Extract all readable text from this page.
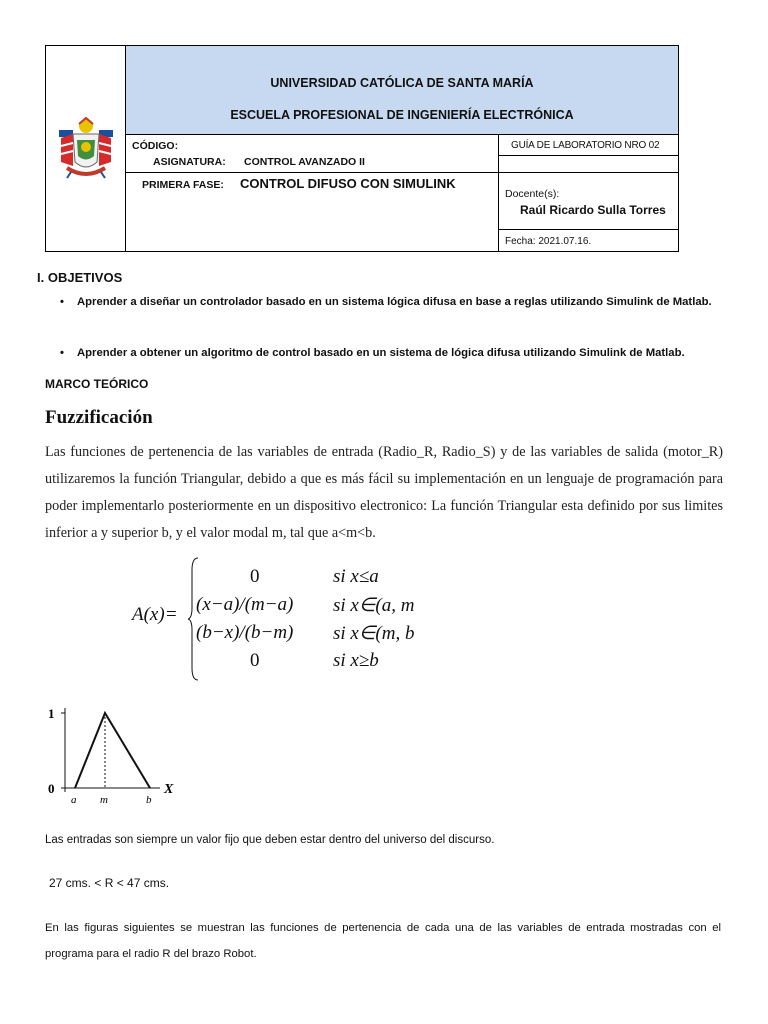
UNIVERSIDAD CATÓLICA DE SANTA MARÍA
ESCUELA PROFESIONAL DE INGENIERÍA ELECTRÓNICA
CÓDIGO:
ASIGNATURA: CONTROL AVANZADO II
PRIMERA FASE: CONTROL DIFUSO CON SIMULINK
GUÍA DE LABORATORIO NRO 02
Docente(s):
Raúl Ricardo Sulla Torres
Fecha: 2021.07.16.
I. OBJETIVOS
• Aprender a diseñar un controlador basado en un sistema lógica difusa en base a reglas utilizando Simulink de Matlab.
• Aprender a obtener un algoritmo de control basado en un sistema de lógica difusa utilizando Simulink de Matlab.
MARCO TEÓRICO
Fuzzificación
Las funciones de pertenencia de las variables de entrada (Radio_R, Radio_S) y de las variables de salida (motor_R) utilizaremos la función Triangular, debido a que es más fácil su implementación en un lenguaje de programación para poder implementarlo posteriormente en un dispositivo electronico: La función Triangular esta definido por sus limites inferior a y superior b, y el valor modal m, tal que a<m<b.
A(x)=
0	si x≤a
(x−a)/(m−a) si x∈(a, m
(b−x)/(b−m) si x∈(m, b
0	si x≥b
1
0
a m	b
X
Las entradas son siempre un valor fijo que deben estar dentro del universo del discurso.
27 cms. < R < 47 cms.
En las figuras siguientes se muestran las funciones de pertenencia de cada una de las variables de entrada mostradas con el programa para el radio R del brazo Robot.
